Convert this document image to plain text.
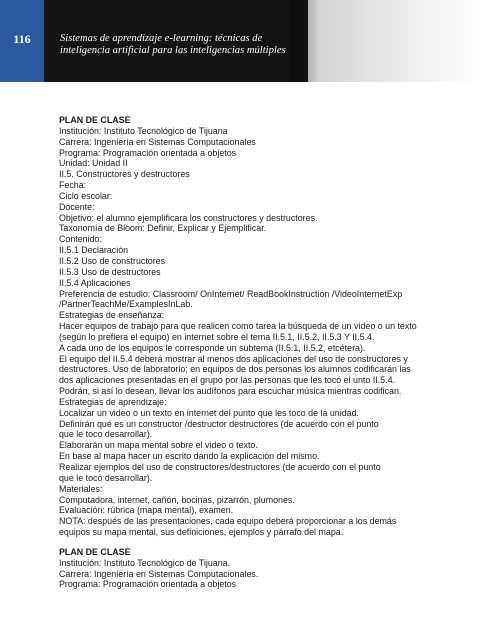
116	Sistemas de aprendizaje e-learning: técnicas de
inteligencia artificial para las inteligencias múltiples
PLAN DE CLASE
Institución: Instituto Tecnológico de Tijuana
Carrera: Ingeniería en Sistemas Computacionales
Programa: Programación orientada a objetos
Unidad: Unidad II
II.5. Constructores y destructores
Fecha:
Ciclo escolar:
Docente:
Objetivo: el alumno ejemplificara los constructores y destructores.
Taxonomía de Bloom: Definir, Explicar y Ejemplificar.
Contenido:
II.5.1 Declaración
II.5.2 Uso de constructores
II.5.3 Uso de destructores
II.5.4 Aplicaciones
Preferencia de estudio: Classroom/ OnInternet/ ReadBookInstruction /VideoInternetExp
/PartnerTeachMe/ExamplesInLab.
Estrategias de enseñanza:

Hacer equipos de trabajo para que realicen como tarea la búsqueda de un video o un texto (según lo prefiera el equipo) en internet sobre el tema II.5.1, II.5.2, II.5.3 Y II.5.4.

A cada uno de los equipos le corresponde un subtema (II.5.1, II.5.2, etcétera).

El equipo del II.5.4 deberá mostrar al menos dos aplicaciones del uso de constructores y destructores. Uso de laboratorio; en equipos de dos personas los alumnos codificarán las dos aplicaciones presentadas en el grupo por las personas que les tocó el unto II.5.4. Podrán, si así lo desean, llevar los audífonos para escuchar música mientras codifican.

Estrategias de aprendizaje:
Localizar un video o un texto en internet del punto que les toco de la unidad.
Definirán qué es un constructor /destructor destructores (de acuerdo con el punto
que le toco desarrollar).
Elaborarán un mapa mental sobre el video o texto.
En base al mapa hacer un escrito dando la explicación del mismo.
Realizar ejemplos del uso de constructores/destructores (de acuerdo con el punto
que le tocó desarrollar).
Materiales:
Computadora, internet, cañón, bocinas, pizarrón, plumones.
Evaluación: rúbrica (mapa mental), examen.

NOTA: después de las presentaciones, cada equipo deberá proporcionar a los demás equipos su mapa mental, sus definiciones, ejemplos y párrafo del mapa.

PLAN DE CLASE
Institución: Instituto Tecnológico de Tijuana.
Carrera: Ingeniería en Sistemas Computacionales.
Programa: Programación orientada a objetos
